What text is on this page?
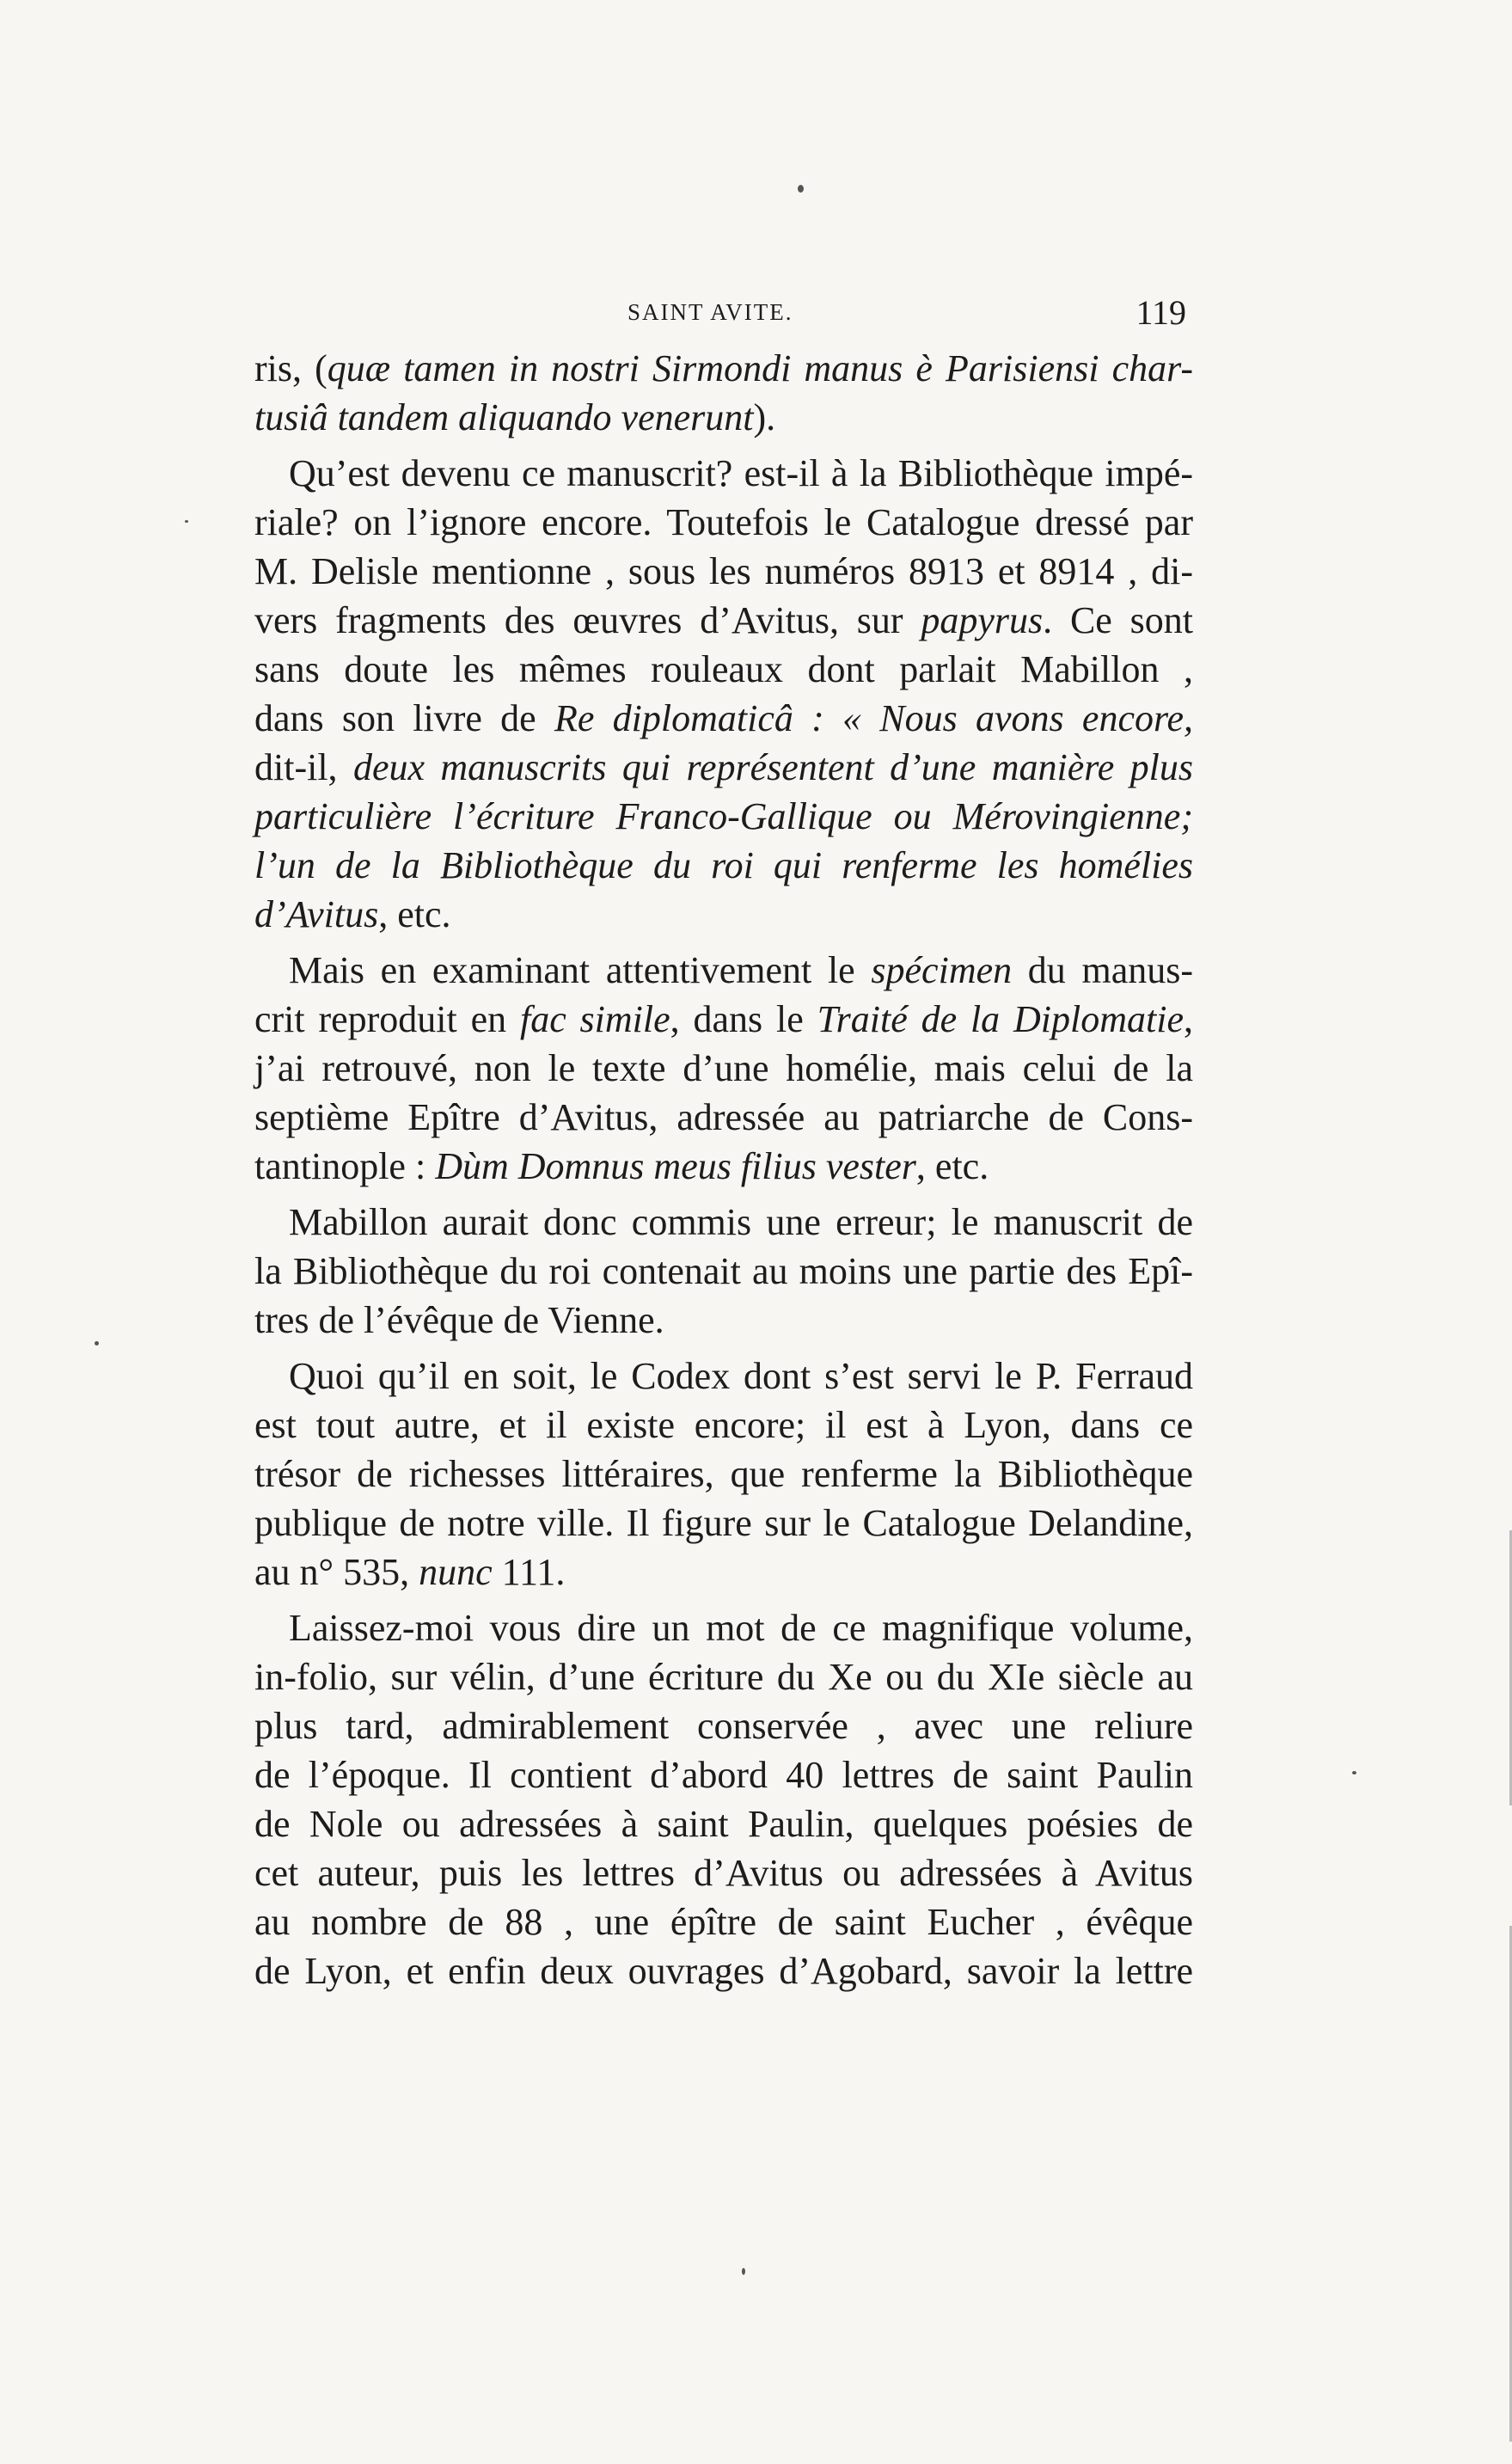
SAINT AVITE.	119
ris, (quæ tamen in nostri Sirmondi manus è Parisiensi char-
tusiâ tandem aliquando venerunt).
Qu’est devenu ce manuscrit? est-il à la Bibliothèque impé-
riale? on l’ignore encore. Toutefois le Catalogue dressé par
M. Delisle mentionne , sous les numéros 8913 et 8914 , di-
vers fragments des œuvres d’Avitus, sur papyrus. Ce sont
sans doute les mêmes rouleaux dont parlait Mabillon ,
dans son livre de Re diplomaticâ : « Nous avons encore,
dit-il, deux manuscrits qui représentent d’une manière plus
particulière l’écriture Franco-Gallique ou Mérovingienne;
l’un de la Bibliothèque du roi qui renferme les homélies
d’Avitus, etc.
Mais en examinant attentivement le spécimen du manus-
crit reproduit en fac simile, dans le Traité de la Diplomatie,
j’ai retrouvé, non le texte d’une homélie, mais celui de la
septième Epître d’Avitus, adressée au patriarche de Cons-
tantinople : Dùm Domnus meus filius vester, etc.
Mabillon aurait donc commis une erreur; le manuscrit de
la Bibliothèque du roi contenait au moins une partie des Epî-
tres de l’évêque de Vienne.
Quoi qu’il en soit, le Codex dont s’est servi le P. Ferraud
est tout autre, et il existe encore; il est à Lyon, dans ce
trésor de richesses littéraires, que renferme la Bibliothèque
publique de notre ville. Il figure sur le Catalogue Delandine,
au n° 535, nunc 111.
Laissez-moi vous dire un mot de ce magnifique volume,
in-folio, sur vélin, d’une écriture du Xe ou du XIe siècle au
plus tard, admirablement conservée , avec une reliure
de l’époque. Il contient d’abord 40 lettres de saint Paulin
de Nole ou adressées à saint Paulin, quelques poésies de
cet auteur, puis les lettres d’Avitus ou adressées à Avitus
au nombre de 88 , une épître de saint Eucher , évêque
de Lyon, et enfin deux ouvrages d’Agobard, savoir la lettre
